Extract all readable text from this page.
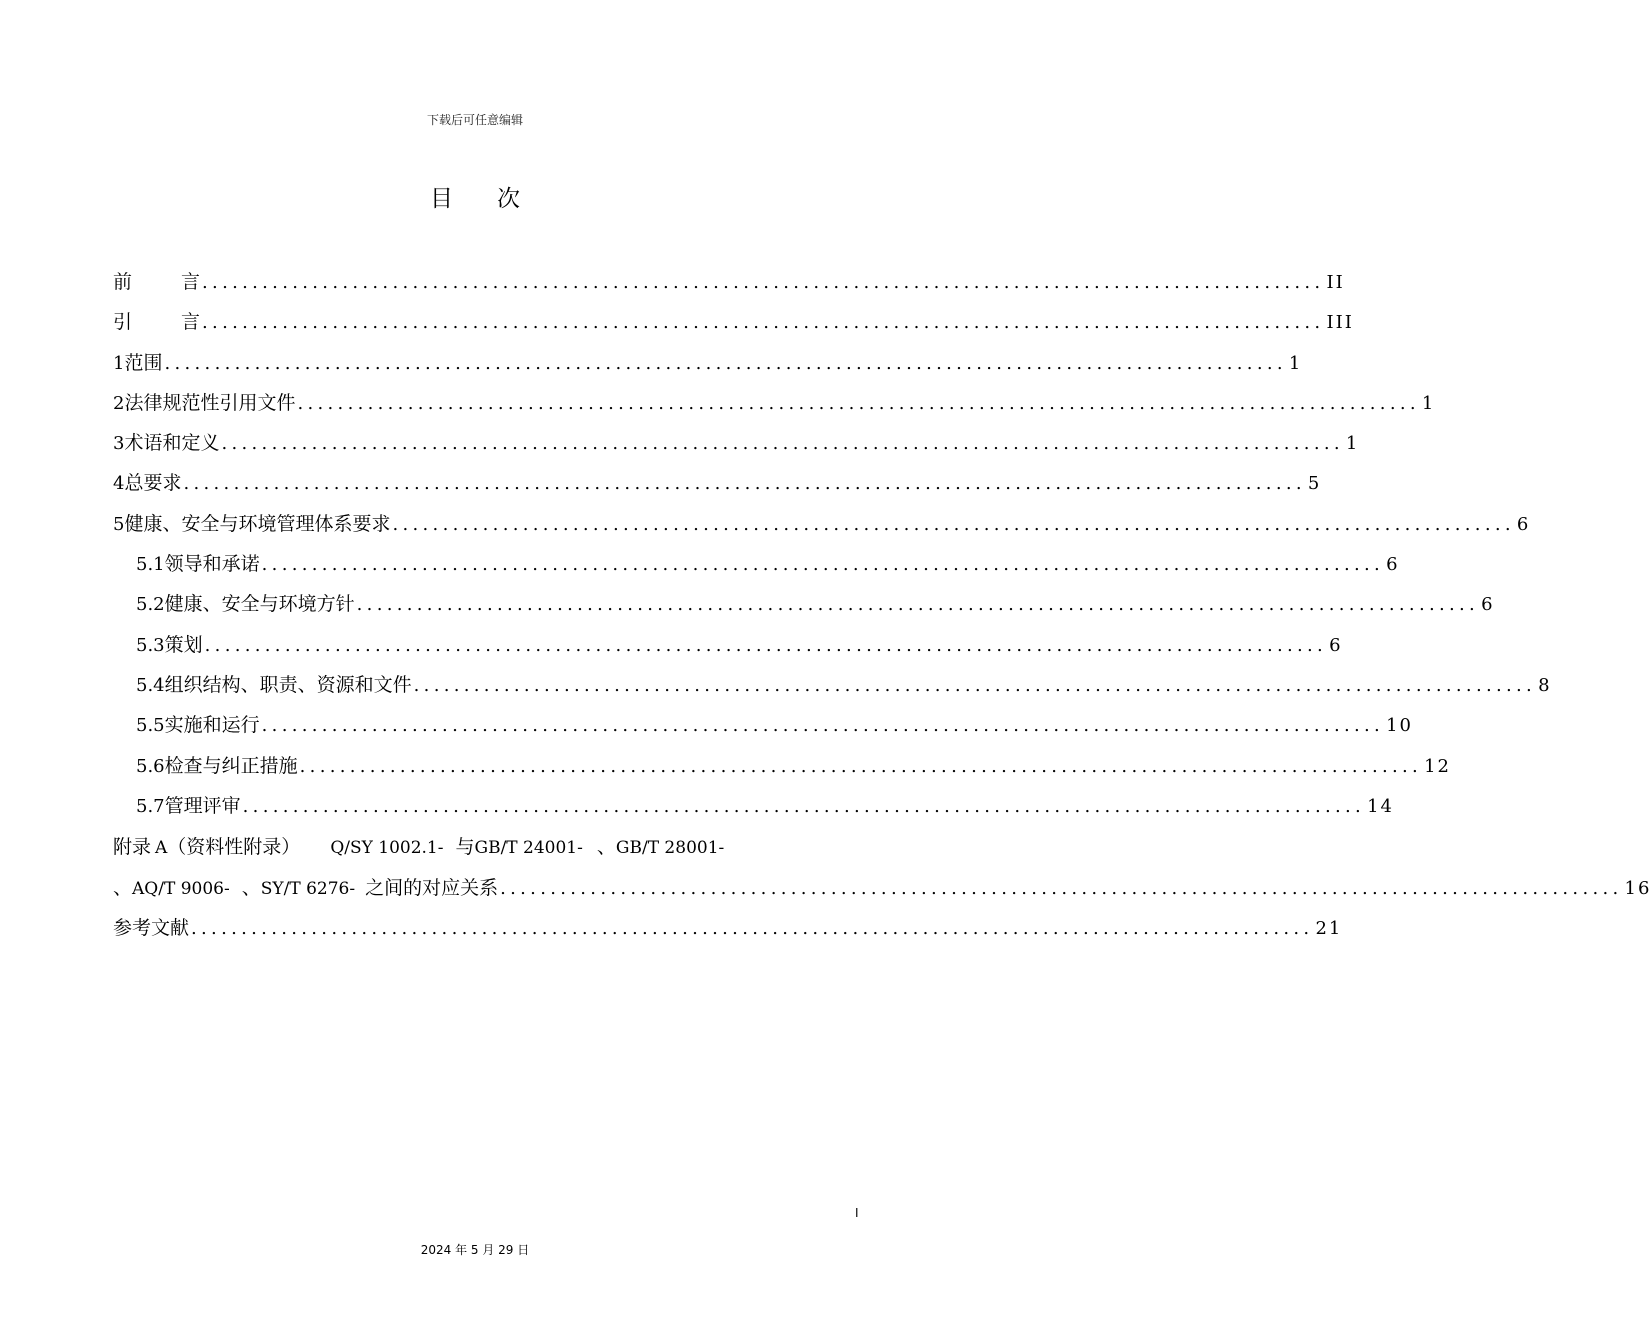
下载后可任意编辑
目 次
前	言 ................................................................................................................ II
引	言 ................................................................................................................ III
1 范围 ................................................................................................................ 1
2 法律规范性引用文件 ................................................................................................................ 1
3 术语和定义 ................................................................................................................ 1
4 总要求 ................................................................................................................ 5
5 健康、安全与环境管理体系要求 ................................................................................................................ 6
5.1 领导和承诺 ................................................................................................................ 6
5.2 健康、安全与环境方针 ................................................................................................................ 6
5.3 策划 ................................................................................................................ 6
5.4 组织结构、职责、资源和文件 ................................................................................................................ 8
5.5 实施和运行 ................................................................................................................ 10
5.6 检查与纠正措施 ................................................................................................................ 12
5.7 管理评审 ................................................................................................................ 14
附录 A（资料性附录） Q/SY 1002.1- 与GB/T 24001- 、GB/T 28001-
、AQ/T 9006- 、SY/T 6276- 之间的对应关系 ................................................................................................................ 16
参考文献 ................................................................................................................ 21
I
2024 年 5 月 29 日
